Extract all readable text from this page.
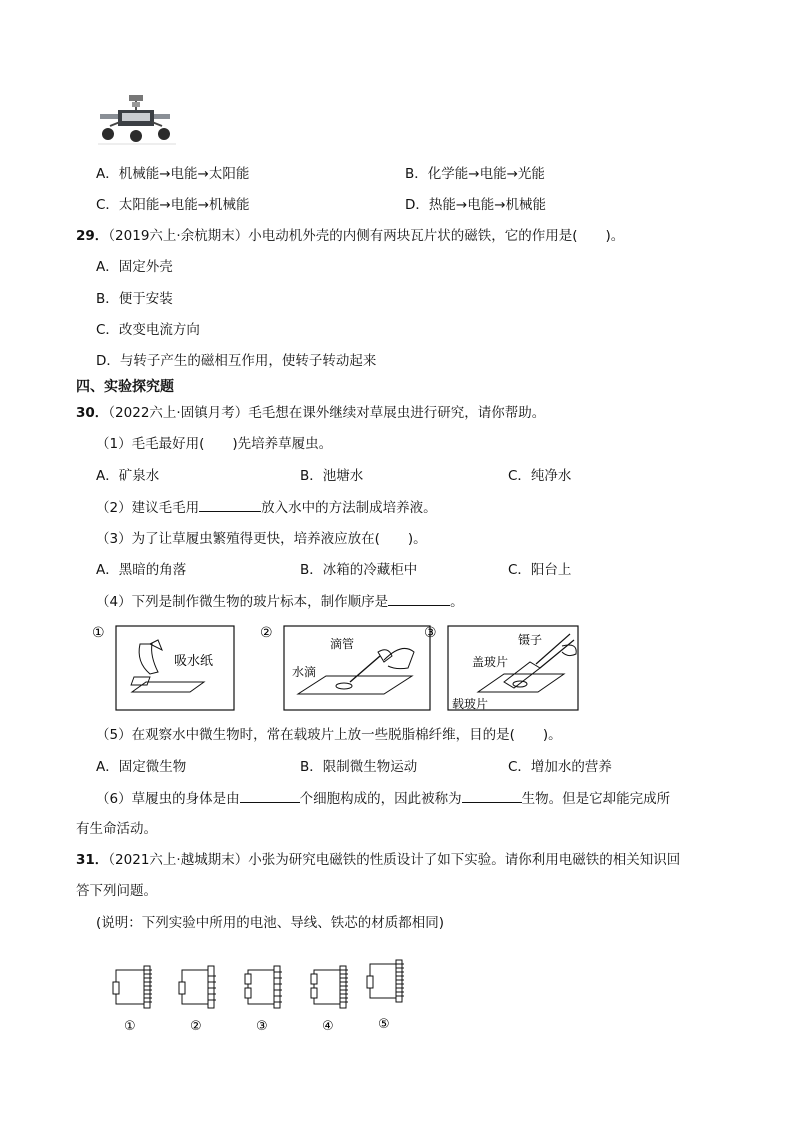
A．机械能→电能→太阳能	B．化学能→电能→光能
C．太阳能→电能→机械能	D．热能→电能→机械能
29．（2019六上·余杭期末）小电动机外壳的内侧有两块瓦片状的磁铁，它的作用是( )。
A．固定外壳
B．便于安装
C．改变电流方向
D．与转子产生的磁相互作用，使转子转动起来
四、实验探究题
30．（2022六上·固镇月考）毛毛想在课外继续对草展虫进行研究，请你帮助。
（1）毛毛最好用( )先培养草履虫。
A．矿泉水	B．池塘水	C．纯净水
（2）建议毛毛用	放入水中的方法制成培养液。
（3）为了让草履虫繁殖得更快，培养液应放在( )。
A．黑暗的角落	B．冰箱的冷藏柜中	C．阳台上
（4）下列是制作微生物的玻片标本，制作顺序是	。
①
吸水纸
②
水滴
滴管
③	镊子
盖玻片
载玻片
（5）在观察水中微生物时，常在载玻片上放一些脱脂棉纤维，目的是( )。
A．固定微生物	B．限制微生物运动	C．增加水的营养
（6）草履虫的身体是由	个细胞构成的，因此被称为	生物。但是它却能完成所
有生命活动。
31．（2021六上·越城期末）小张为研究电磁铁的性质设计了如下实验。请你利用电磁铁的相关知识回
答下列问题。
(说明：下列实验中所用的电池、导线、铁芯的材质都相同)
①	②	③	④	⑤
